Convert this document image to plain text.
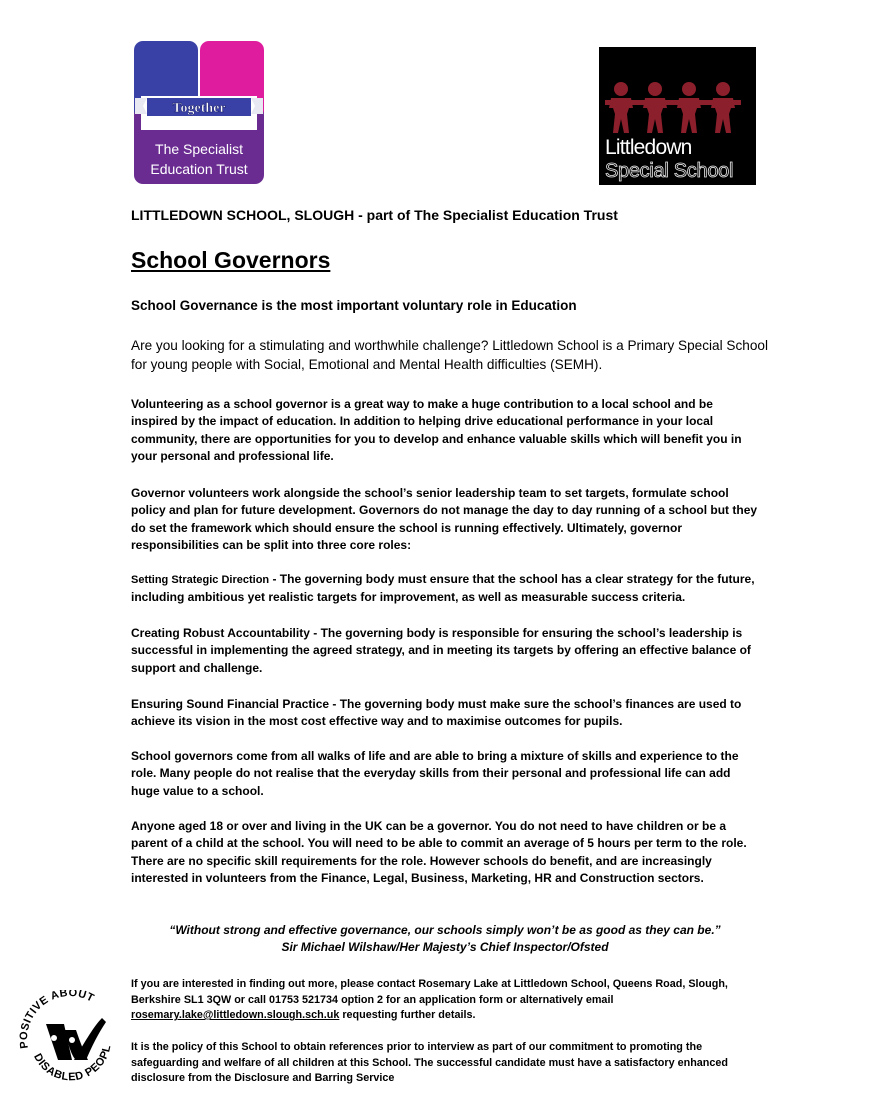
Together
The Specialist
Education Trust
Littledown
Special School
LITTLEDOWN SCHOOL, SLOUGH - part of The Specialist Education Trust
School Governors
School Governance is the most important voluntary role in Education

Are you looking for a stimulating and worthwhile challenge? Littledown School is a Primary Special School for young people with Social, Emotional and Mental Health difficulties (SEMH).

Volunteering as a school governor is a great way to make a huge contribution to a local school and be inspired by the impact of education. In addition to helping drive educational performance in your local community, there are opportunities for you to develop and enhance valuable skills which will benefit you in your personal and professional life.

Governor volunteers work alongside the school’s senior leadership team to set targets, formulate school policy and plan for future development. Governors do not manage the day to day running of a school but they do set the framework which should ensure the school is running effectively. Ultimately, governor responsibilities can be split into three core roles:

Setting Strategic Direction - The governing body must ensure that the school has a clear strategy for the future, including ambitious yet realistic targets for improvement, as well as measurable success criteria.

Creating Robust Accountability - The governing body is responsible for ensuring the school’s leadership is successful in implementing the agreed strategy, and in meeting its targets by offering an effective balance of support and challenge.

Ensuring Sound Financial Practice - The governing body must make sure the school’s finances are used to achieve its vision in the most cost effective way and to maximise outcomes for pupils.

School governors come from all walks of life and are able to bring a mixture of skills and experience to the role. Many people do not realise that the everyday skills from their personal and professional life can add huge value to a school.

Anyone aged 18 or over and living in the UK can be a governor. You do not need to have children or be a parent of a child at the school. You will need to be able to commit an average of 5 hours per term to the role. There are no specific skill requirements for the role. However schools do benefit, and are increasingly interested in volunteers from the Finance, Legal, Business, Marketing, HR and Construction sectors.

“Without strong and effective governance, our schools simply won’t be as good as they can be.”
Sir Michael Wilshaw/Her Majesty’s Chief Inspector/Ofsted

If you are interested in finding out more, please contact Rosemary Lake at Littledown School, Queens Road, Slough, Berkshire SL1 3QW or call 01753 521734 option 2 for an application form or alternatively email rosemary.lake@littledown.slough.sch.uk requesting further details.

It is the policy of this School to obtain references prior to interview as part of our commitment to promoting the safeguarding and welfare of all children at this School. The successful candidate must have a satisfactory enhanced disclosure from the Disclosure and Barring Service

POSITIVE ABOUT
DISABLED PEOPL
